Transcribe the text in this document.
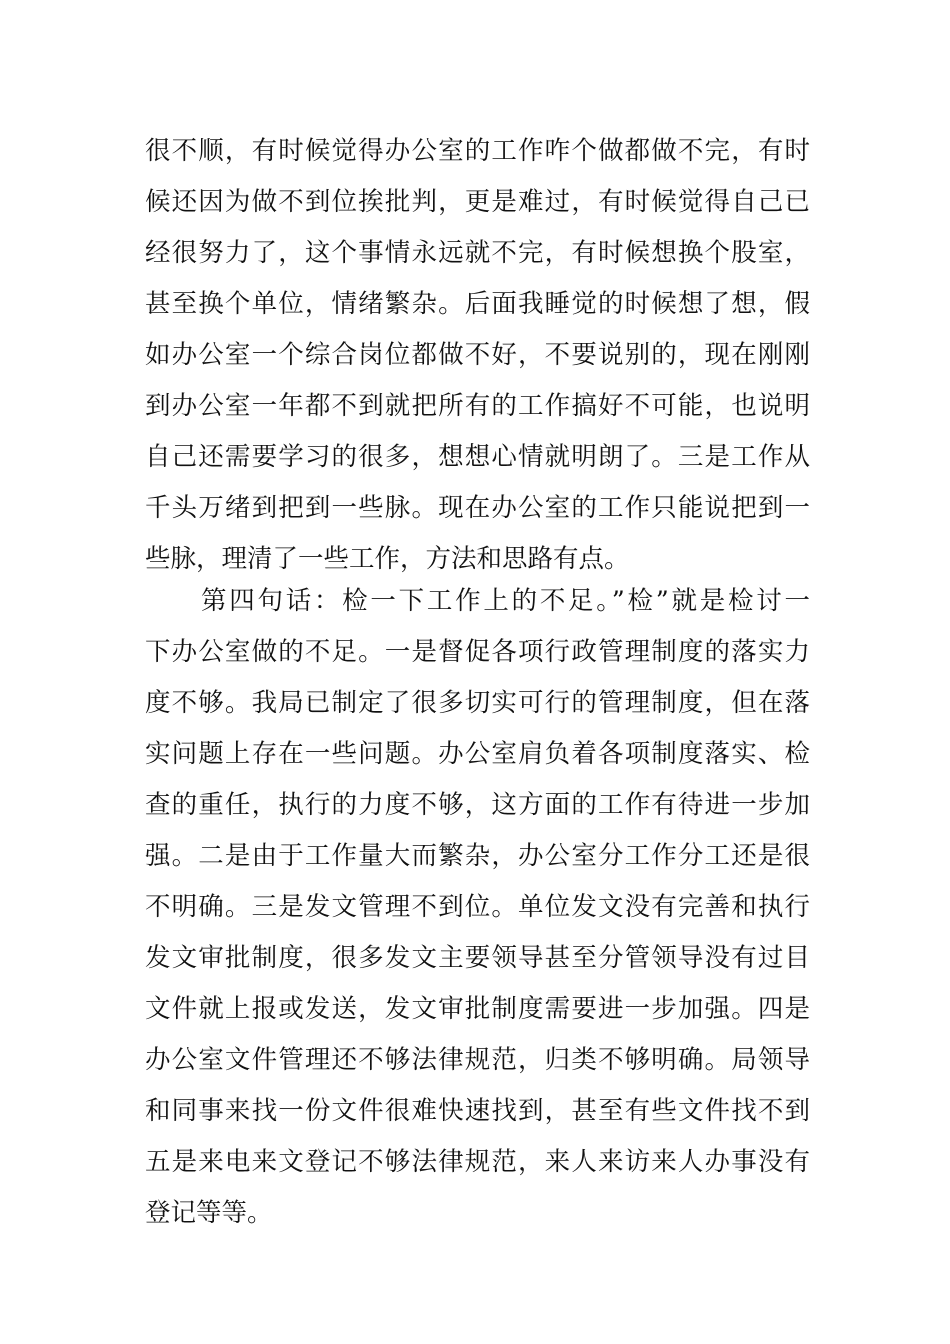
很不顺，有时候觉得办公室的工作咋个做都做不完，有时
候还因为做不到位挨批判，更是难过，有时候觉得自己已
经很努力了，这个事情永远就不完，有时候想换个股室，
甚至换个单位，情绪繁杂。后面我睡觉的时候想了想，假
如办公室一个综合岗位都做不好，不要说别的，现在刚刚
到办公室一年都不到就把所有的工作搞好不可能，也说明
自己还需要学习的很多，想想心情就明朗了。三是工作从
千头万绪到把到一些脉。现在办公室的工作只能说把到一
些脉，理清了一些工作，方法和思路有点。
第四句话：检一下工作上的不足。”检”就是检讨一
下办公室做的不足。一是督促各项行政管理制度的落实力
度不够。我局已制定了很多切实可行的管理制度，但在落
实问题上存在一些问题。办公室肩负着各项制度落实、检
查的重任，执行的力度不够，这方面的工作有待进一步加
强。二是由于工作量大而繁杂，办公室分工作分工还是很
不明确。三是发文管理不到位。单位发文没有完善和执行
发文审批制度，很多发文主要领导甚至分管领导没有过目
文件就上报或发送，发文审批制度需要进一步加强。四是
办公室文件管理还不够法律规范，归类不够明确。局领导
和同事来找一份文件很难快速找到，甚至有些文件找不到
五是来电来文登记不够法律规范，来人来访来人办事没有
登记等等。
